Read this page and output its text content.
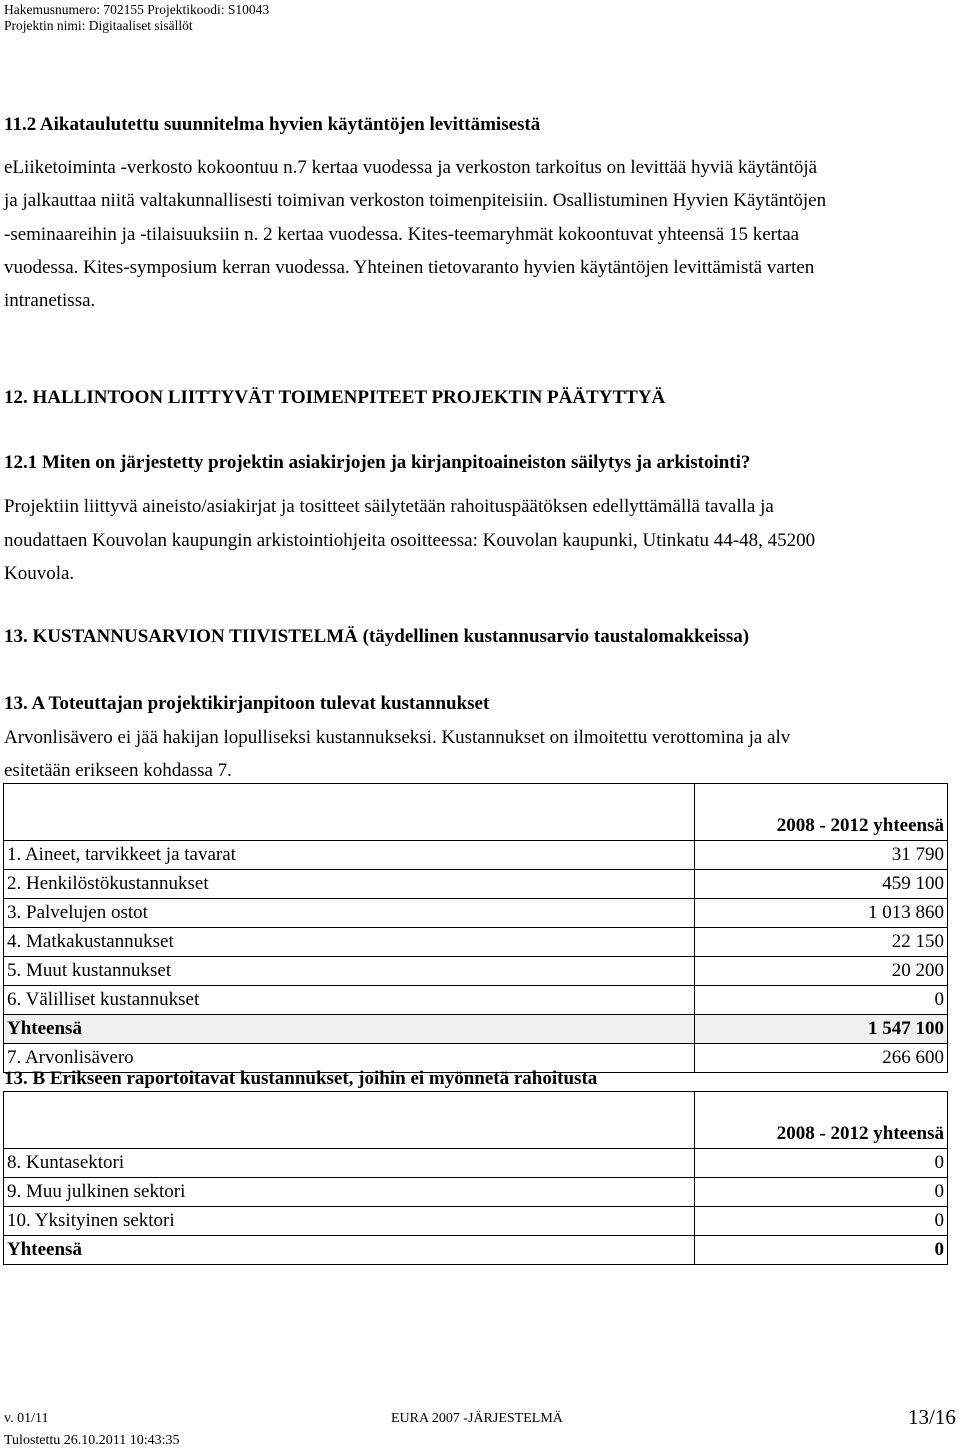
Hakemusnumero: 702155 Projektikoodi: S10043
Projektin nimi: Digitaaliset sisällöt
11.2 Aikataulutettu suunnitelma hyvien käytäntöjen levittämisestä
eLiiketoiminta -verkosto kokoontuu n.7 kertaa vuodessa ja verkoston tarkoitus on levittää hyviä käytäntöjä
ja jalkauttaa niitä valtakunnallisesti toimivan verkoston toimenpiteisiin. Osallistuminen Hyvien Käytäntöjen
-seminaareihin ja -tilaisuuksiin n. 2 kertaa vuodessa. Kites-teemaryhmät kokoontuvat yhteensä 15 kertaa
vuodessa. Kites-symposium kerran vuodessa. Yhteinen tietovaranto hyvien käytäntöjen levittämistä varten
intranetissa.
12. HALLINTOON LIITTYVÄT TOIMENPITEET PROJEKTIN PÄÄTYTTYÄ
12.1 Miten on järjestetty projektin asiakirjojen ja kirjanpitoaineiston säilytys ja arkistointi?
Projektiin liittyvä aineisto/asiakirjat ja tositteet säilytetään rahoituspäätöksen edellyttämällä tavalla ja
noudattaen Kouvolan kaupungin arkistointiohjeita osoitteessa: Kouvolan kaupunki, Utinkatu 44-48, 45200
Kouvola.
13. KUSTANNUSARVION TIIVISTELMÄ (täydellinen kustannusarvio taustalomakkeissa)
13. A Toteuttajan projektikirjanpitoon tulevat kustannukset
Arvonlisävero ei jää hakijan lopulliseksi kustannukseksi. Kustannukset on ilmoitettu verottomina ja alv
esitetään erikseen kohdassa 7.
	2008 - 2012 yhteensä
1. Aineet, tarvikkeet ja tavarat	31 790
2. Henkilöstökustannukset	459 100
3. Palvelujen ostot	1 013 860
4. Matkakustannukset	22 150
5. Muut kustannukset	20 200
6. Välilliset kustannukset	0
Yhteensä	1 547 100
7. Arvonlisävero	266 600
13. B Erikseen raportoitavat kustannukset, joihin ei myönnetä rahoitusta
	2008 - 2012 yhteensä
8. Kuntasektori	0
9. Muu julkinen sektori	0
10. Yksityinen sektori	0
Yhteensä	0
v. 01/11	EURA 2007 -JÄRJESTELMÄ	13/16
Tulostettu 26.10.2011 10:43:35
